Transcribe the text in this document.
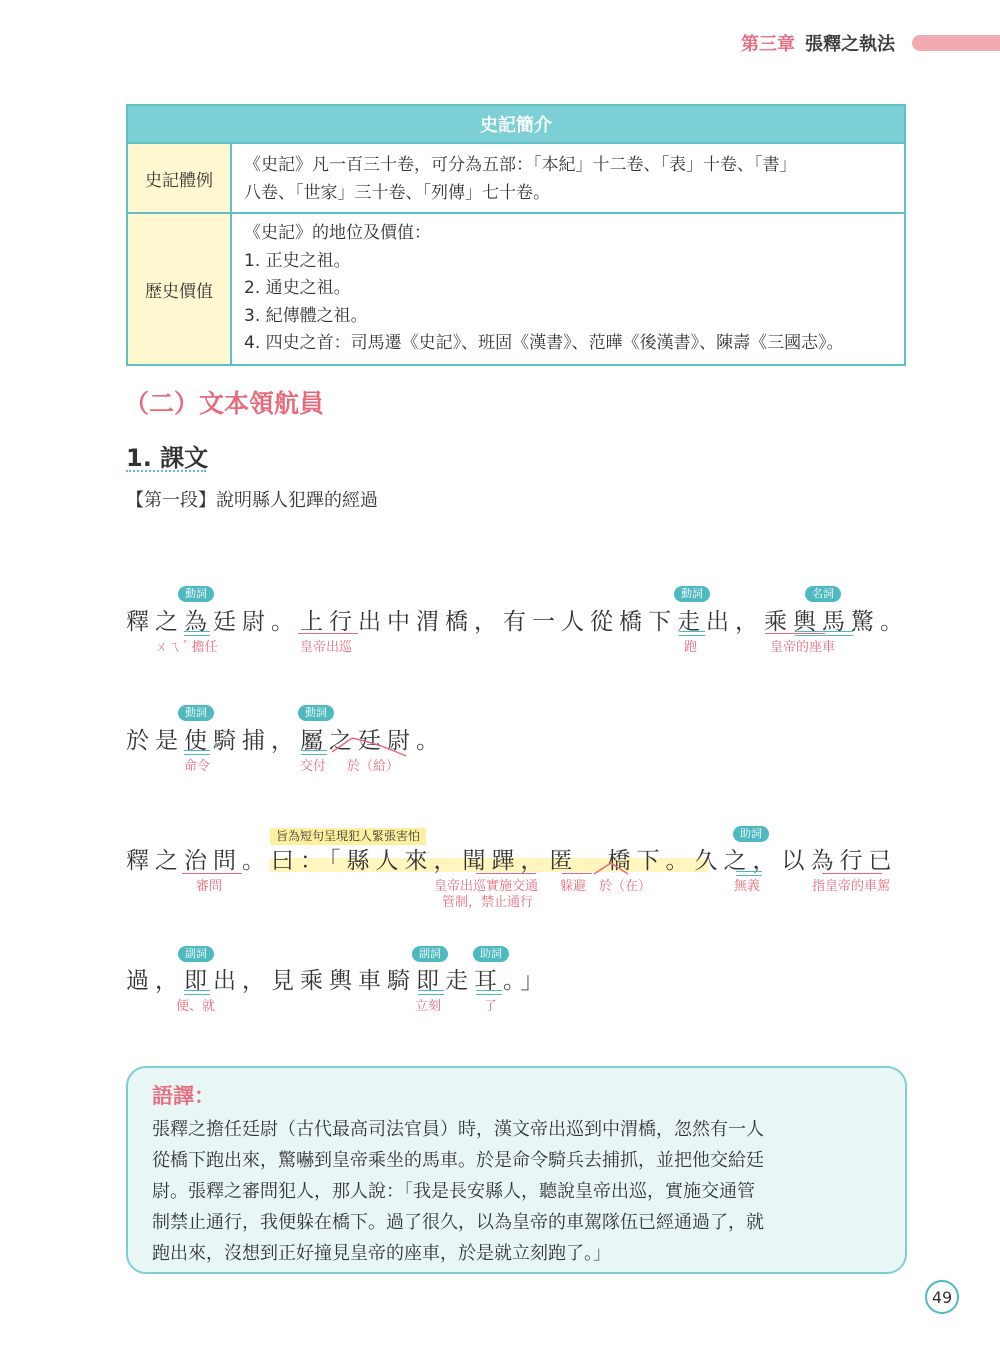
第三章 張釋之執法
史記簡介
史記體例
《史記》凡一百三十卷，可分為五部：「本紀」十二卷、「表」十卷、「書」
八卷、「世家」三十卷、「列傳」七十卷。
歷史價值
《史記》的地位及價值：
1. 正史之祖。
2. 通史之祖。
3. 紀傳體之祖。
4. 四史之首：司馬遷《史記》、班固《漢書》、范曄《後漢書》、陳壽《三國志》。
（二）文本領航員
1. 課文
【第一段】說明縣人犯蹕的經過
動詞	動詞	名詞
釋之為廷尉。上行出中渭橋，有一人從橋下走出，乘輿馬驚。
ㄨㄟˊ 擔任	皇帝出巡	跑	皇帝的座車
動詞	動詞
於是使騎捕，屬之廷尉。
命令	交付 於（給）
旨為短句呈現犯人緊張害怕	助詞
釋之治問。曰：「縣人來，聞蹕，匿　橋下。久之，以為行已
審問	皇帝出巡實施交通
管制，禁止通行
躲避 於（在）	無義	指皇帝的車駕
副詞	副詞	助詞
過，即出，見乘輿車騎即走耳。」
便、就	立刻	了
語譯：
張釋之擔任廷尉（古代最高司法官員）時，漢文帝出巡到中渭橋，忽然有一人
從橋下跑出來，驚嚇到皇帝乘坐的馬車。於是命令騎兵去捕抓，並把他交給廷
尉。張釋之審問犯人，那人說：「我是長安縣人，聽說皇帝出巡，實施交通管
制禁止通行，我便躲在橋下。過了很久，以為皇帝的車駕隊伍已經通過了，就
跑出來，沒想到正好撞見皇帝的座車，於是就立刻跑了。」
49
